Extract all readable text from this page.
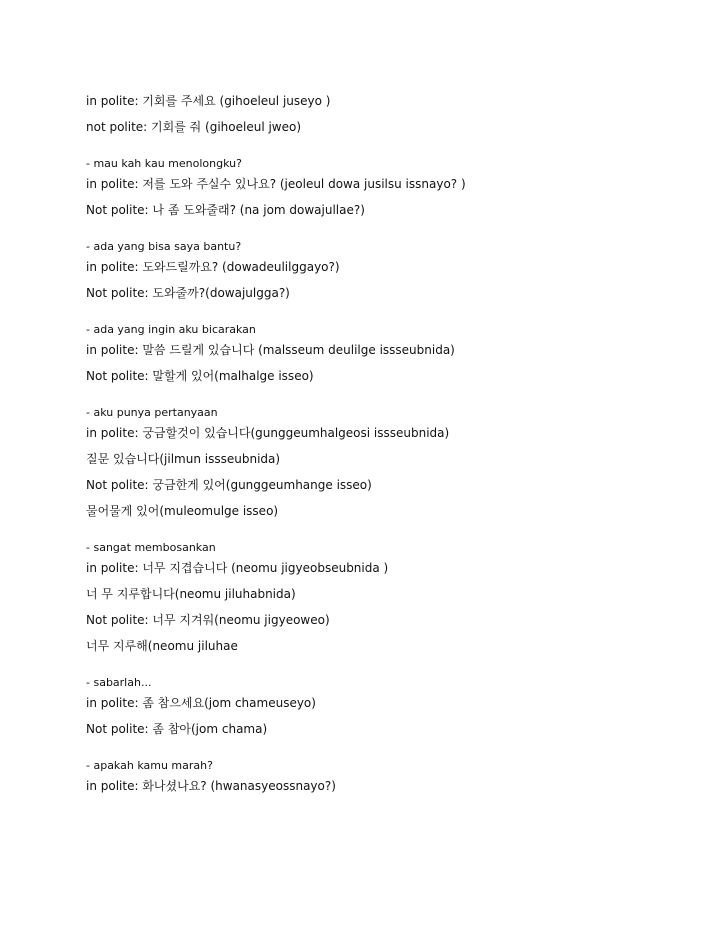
in polite: 기회를 주세요 (gihoeleul juseyo )
not polite: 기회를 줘 (gihoeleul jweo)
- mau kah kau menolongku?
in polite: 저를 도와 주실수 있나요? (jeoleul dowa jusilsu issnayo? )
Not polite: 나 좀 도와줄래? (na jom dowajullae?)
- ada yang bisa saya bantu?
in polite: 도와드릴까요? (dowadeulilggayo?)
Not polite: 도와줄까?(dowajulgga?)
- ada yang ingin aku bicarakan
in polite: 말씀 드릴게 있습니다 (malsseum deulilge issseubnida)
Not polite: 말할게 있어(malhalge isseo)
- aku punya pertanyaan
in polite: 궁금할것이 있습니다(gunggeumhalgeosi issseubnida)
질문 있습니다(jilmun issseubnida)
Not polite: 궁금한게 있어(gunggeumhange isseo)
물어물게 있어(muleomulge isseo)
- sangat membosankan
in polite: 너무 지겹습니다 (neomu jigyeobseubnida )
너 무 지루합니다(neomu jiluhabnida)
Not polite: 너무 지겨워(neomu jigyeoweo)
너무 지루해(neomu jiluhae
- sabarlah...
in polite: 좀 참으세요(jom chameuseyo)
Not polite: 좀 참아(jom chama)
- apakah kamu marah?
in polite: 화나셨나요? (hwanasyeossnayo?)
